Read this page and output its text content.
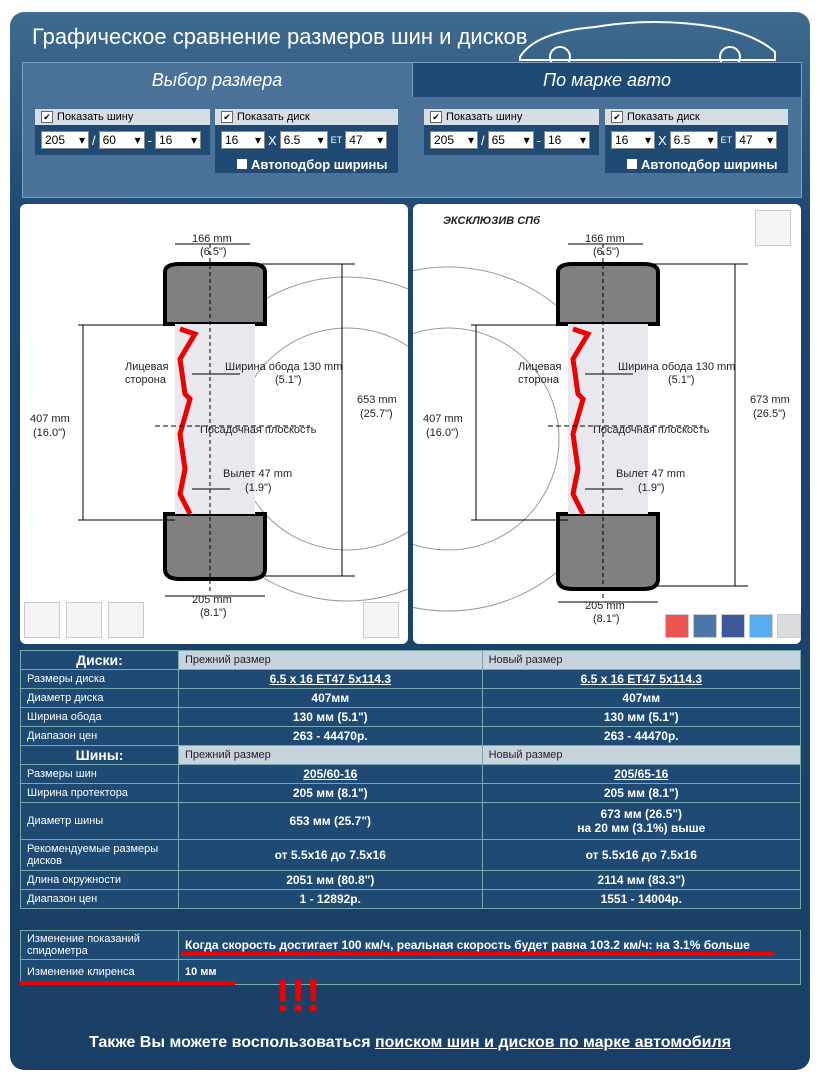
Графическое сравнение размеров шин и дисков
Выбор размера	По марке авто
✔ Показать шину
205 ▾ / 60 ▾ - 16 ▾
✔ Показать диск
16 ▾ X 6.5 ▾ ET 47 ▾
Автоподбор ширины
✔ Показать шину
205 ▾ / 65 ▾ - 16 ▾
✔ Показать диск
16 ▾ X 6.5 ▾ ET 47 ▾
Автоподбор ширины
166 mm
(6.5")
407 mm
(16.0")
Лицевая
сторона
Ширина обода 130 mm
(5.1")
Посадочная плоскость
Вылет 47 mm
(1.9")
653 mm
(25.7")
205 mm
(8.1")
ЭКСКЛЮЗИВ СПб
166 mm
(6.5")
407 mm
(16.0")
Лицевая
сторона
Ширина обода 130 mm
(5.1")
Посадочная плоскость
Вылет 47 mm
(1.9")
673 mm
(26.5")
205 mm
(8.1")
Диски:	Прежний размер	Новый размер
Размеры диска	6.5 x 16 ET47 5x114.3	6.5 x 16 ET47 5x114.3
Диаметр диска	407мм	407мм
Ширина обода	130 мм (5.1")	130 мм (5.1")
Диапазон цен	263 - 44470р.	263 - 44470р.
Шины:	Прежний размер	Новый размер
Размеры шин	205/60-16	205/65-16
Ширина протектора	205 мм (8.1")	205 мм (8.1")
Диаметр шины	653 мм (25.7")	673 мм (26.5")
на 20 мм (3.1%) выше

Рекомендуемые размеры дисков	от 5.5x16 до 7.5x16	от 5.5x16 до 7.5x16
Длина окружности	2051 мм (80.8")	2114 мм (83.3")
Диапазон цен	1 - 12892р.	1551 - 14004р.
Изменение показаний спидометра	Когда скорость достигает 100 км/ч, реальная скорость будет равна 103.2 км/ч: на 3.1% больше
Изменение клиренса	10 мм !!!
Также Вы можете воспользоваться поиском шин и дисков по марке автомобиля
